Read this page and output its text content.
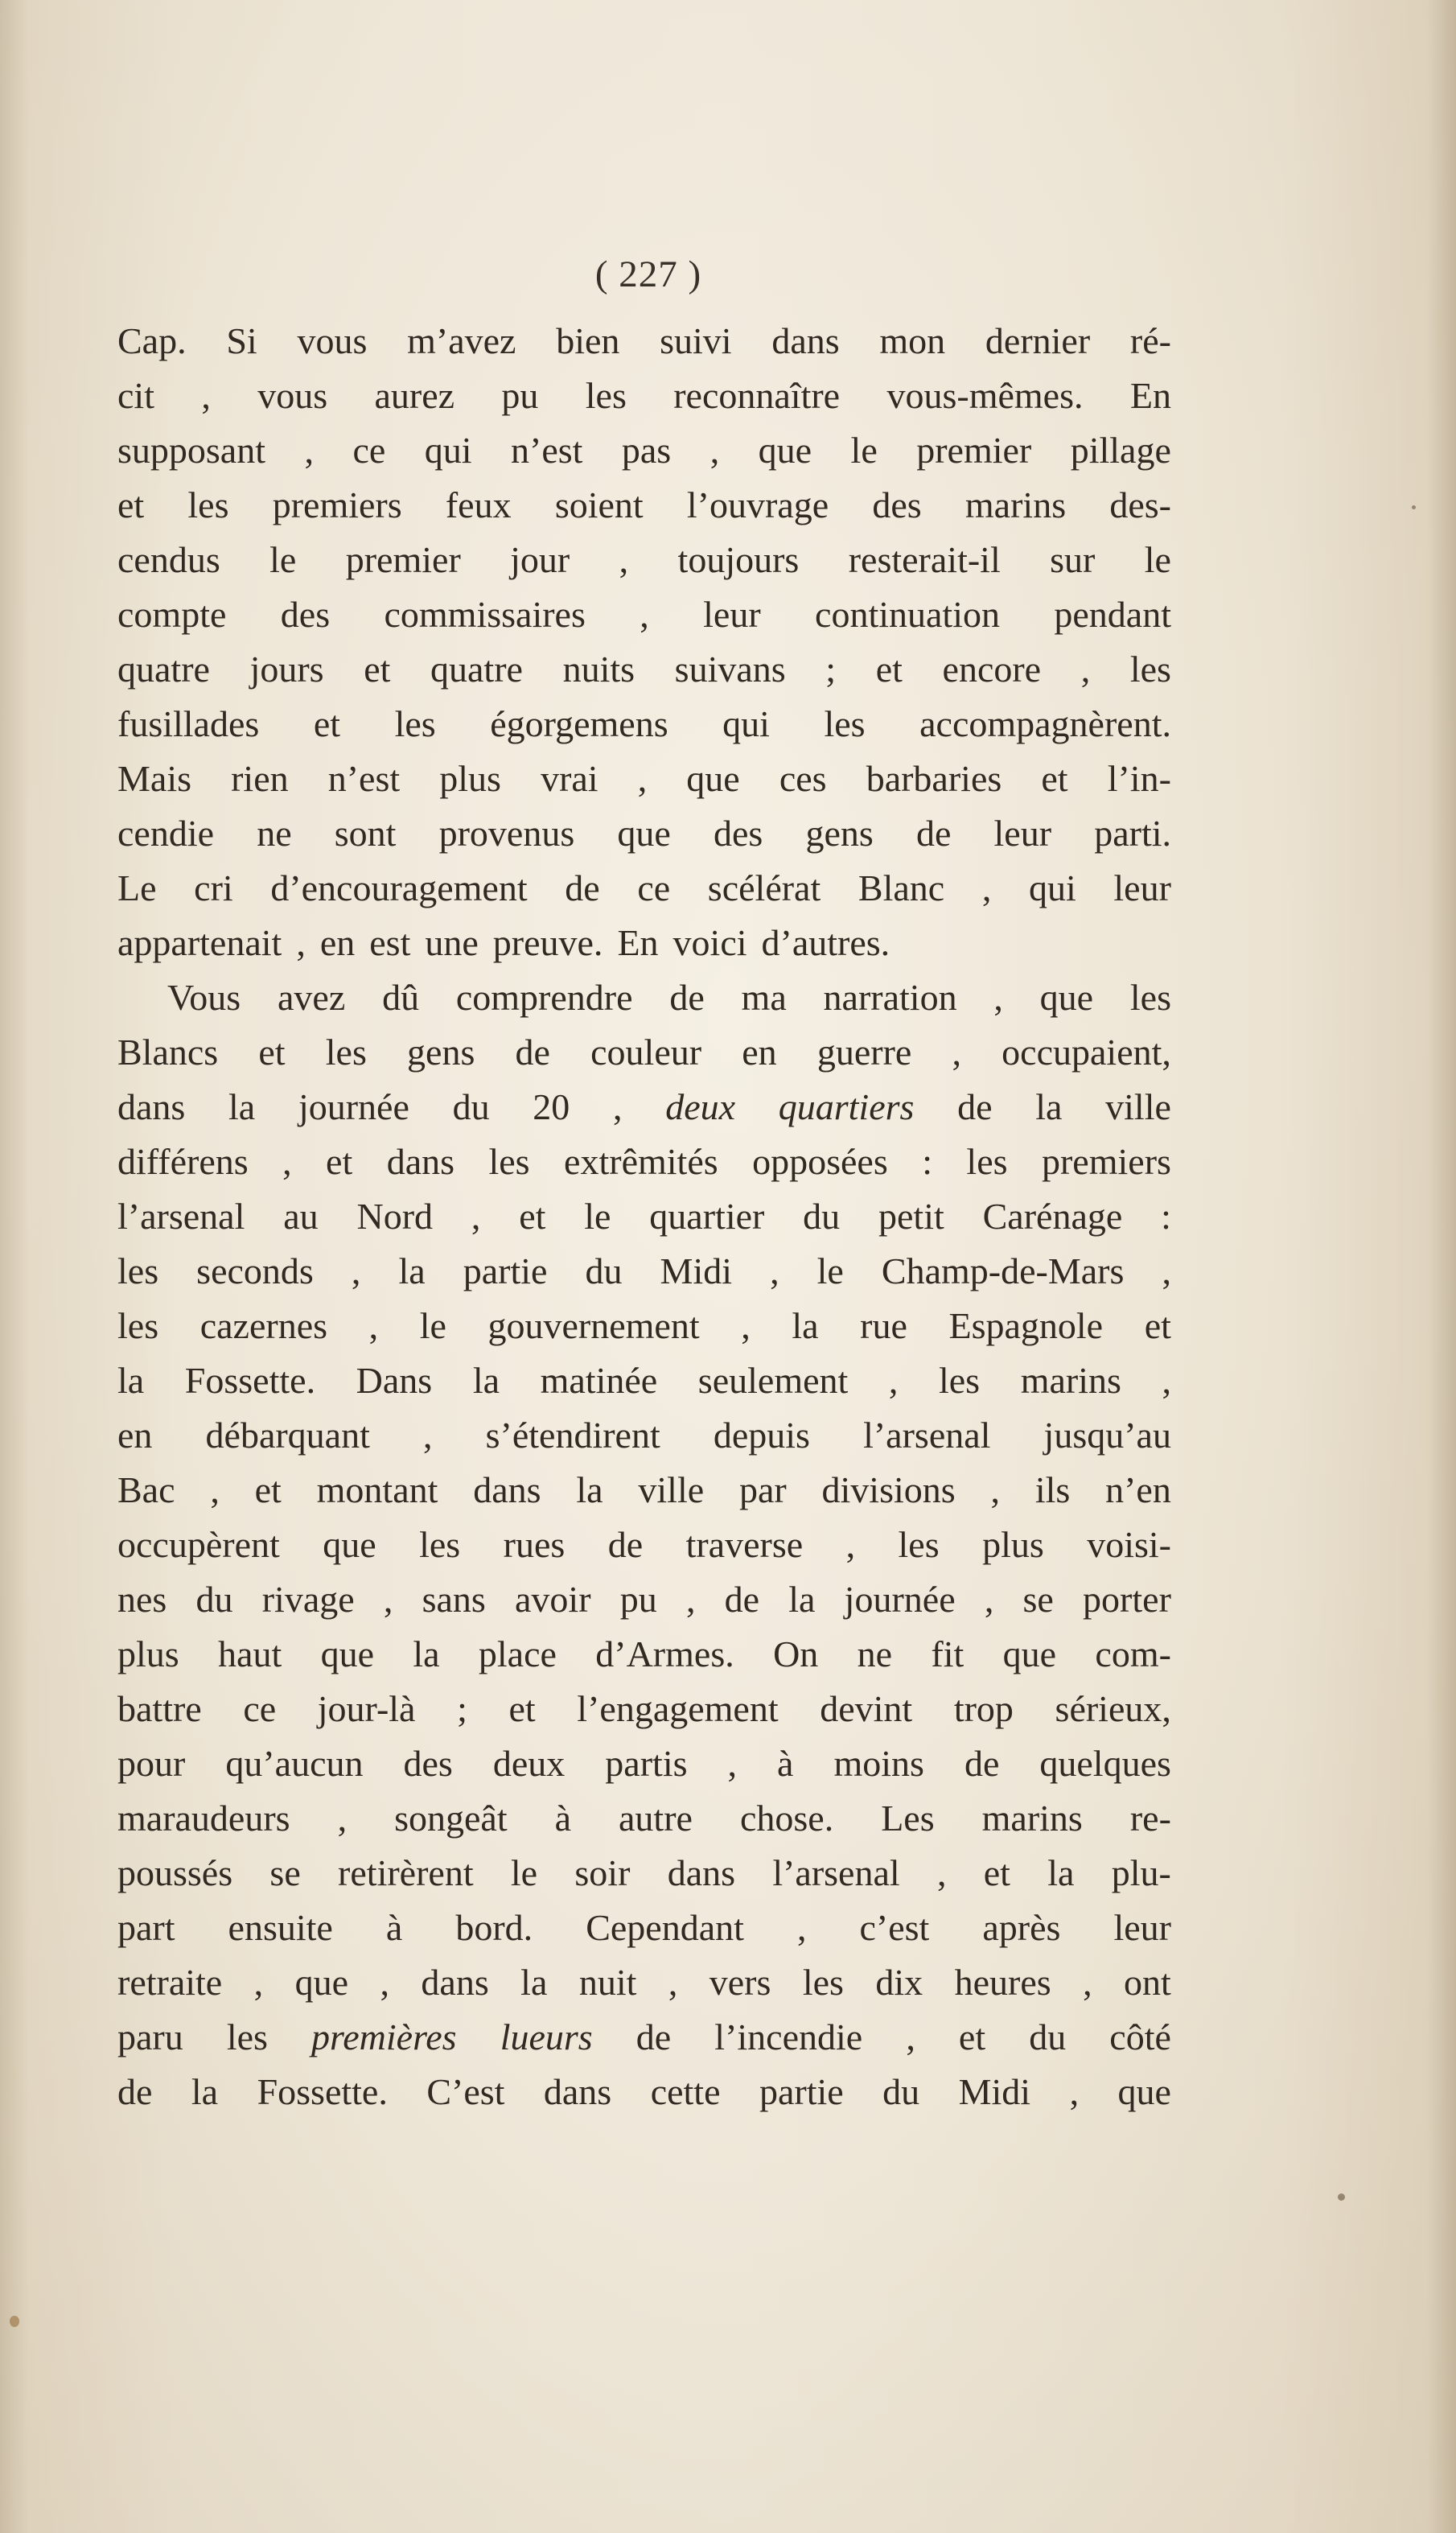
( 227 )
Cap. Si vous m’avez bien suivi dans mon dernier ré-
cit , vous aurez pu les reconnaître vous-mêmes. En
supposant , ce qui n’est pas , que le premier pillage
et les premiers feux soient l’ouvrage des marins des-
cendus le premier jour , toujours resterait-il sur le
compte des commissaires , leur continuation pendant
quatre jours et quatre nuits suivans ; et encore , les
fusillades et les égorgemens qui les accompagnèrent.
Mais rien n’est plus vrai , que ces barbaries et l’in-
cendie ne sont provenus que des gens de leur parti.
Le cri d’encouragement de ce scélérat Blanc , qui leur
appartenait , en est une preuve. En voici d’autres.
Vous avez dû comprendre de ma narration , que les
Blancs et les gens de couleur en guerre , occupaient,
dans la journée du 20 , deux quartiers de la ville
différens , et dans les extrêmités opposées : les premiers
l’arsenal au Nord , et le quartier du petit Carénage :
les seconds , la partie du Midi , le Champ-de-Mars ,
les cazernes , le gouvernement , la rue Espagnole et
la Fossette. Dans la matinée seulement , les marins ,
en débarquant , s’étendirent depuis l’arsenal jusqu’au
Bac , et montant dans la ville par divisions , ils n’en
occupèrent que les rues de traverse , les plus voisi-
nes du rivage , sans avoir pu , de la journée , se porter
plus haut que la place d’Armes. On ne fit que com-
battre ce jour-là ; et l’engagement devint trop sérieux,
pour qu’aucun des deux partis , à moins de quelques
maraudeurs , songeât à autre chose. Les marins re-
poussés se retirèrent le soir dans l’arsenal , et la plu-
part ensuite à bord. Cependant , c’est après leur
retraite , que , dans la nuit , vers les dix heures , ont
paru les premières lueurs de l’incendie , et du côté
de la Fossette. C’est dans cette partie du Midi , que
